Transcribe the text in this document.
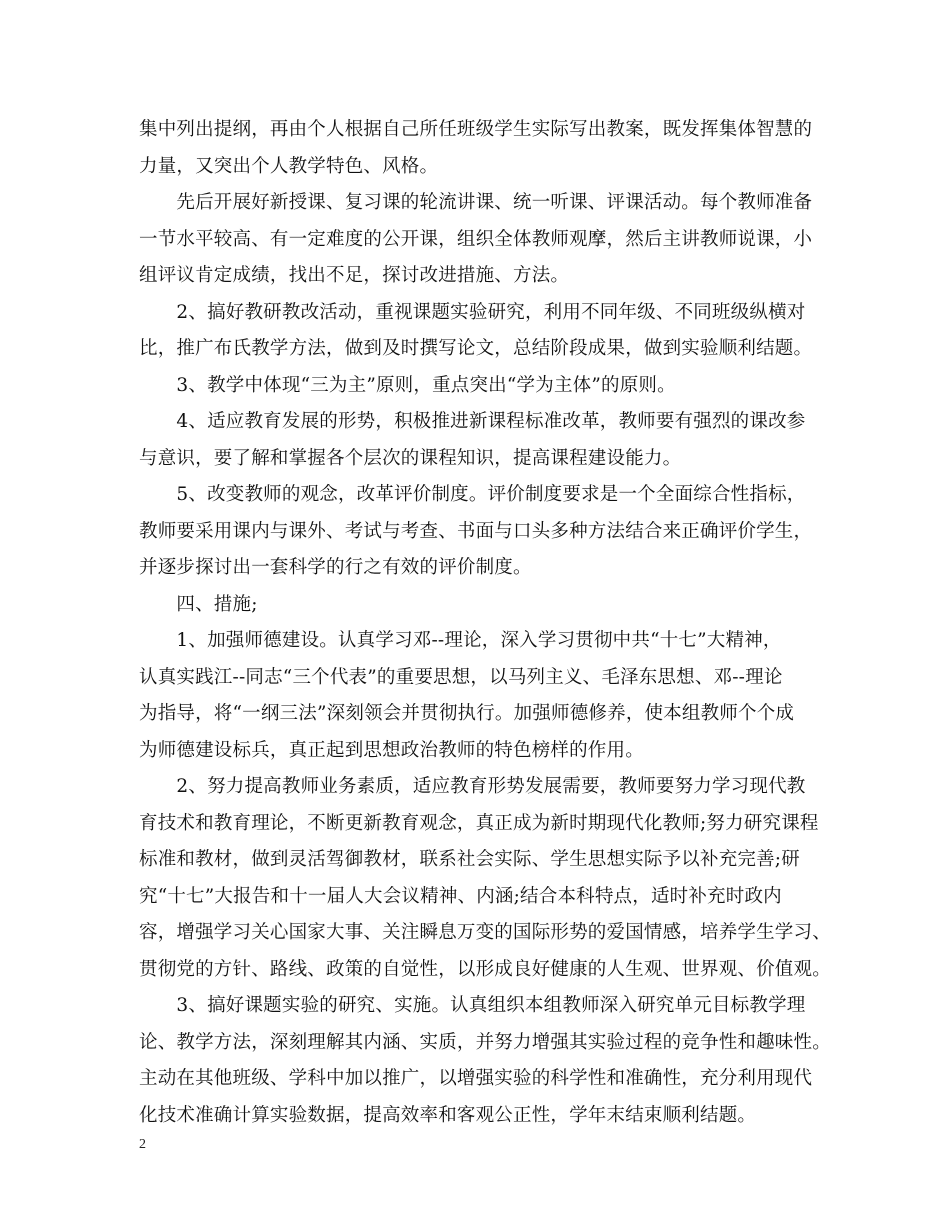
集中列出提纲，再由个人根据自己所任班级学生实际写出教案，既发挥集体智慧的
力量，又突出个人教学特色、风格。
　　先后开展好新授课、复习课的轮流讲课、统一听课、评课活动。每个教师准备
一节水平较高、有一定难度的公开课，组织全体教师观摩，然后主讲教师说课，小
组评议肯定成绩，找出不足，探讨改进措施、方法。
　　2、搞好教研教改活动，重视课题实验研究，利用不同年级、不同班级纵横对
比，推广布氏教学方法，做到及时撰写论文，总结阶段成果，做到实验顺利结题。
　　3、教学中体现“三为主”原则，重点突出“学为主体”的原则。
　　4、适应教育发展的形势，积极推进新课程标准改革，教师要有强烈的课改参
与意识，要了解和掌握各个层次的课程知识，提高课程建设能力。
　　5、改变教师的观念，改革评价制度。评价制度要求是一个全面综合性指标，
教师要采用课内与课外、考试与考查、书面与口头多种方法结合来正确评价学生，
并逐步探讨出一套科学的行之有效的评价制度。
　　四、措施;
　　1、加强师德建设。认真学习邓--理论，深入学习贯彻中共“十七”大精神，
认真实践江--同志“三个代表”的重要思想，以马列主义、毛泽东思想、邓--理论
为指导，将“一纲三法”深刻领会并贯彻执行。加强师德修养，使本组教师个个成
为师德建设标兵，真正起到思想政治教师的特色榜样的作用。
　　2、努力提高教师业务素质，适应教育形势发展需要，教师要努力学习现代教
育技术和教育理论，不断更新教育观念，真正成为新时期现代化教师;努力研究课程
标准和教材，做到灵活驾御教材，联系社会实际、学生思想实际予以补充完善;研
究“十七”大报告和十一届人大会议精神、内涵;结合本科特点，适时补充时政内
容，增强学习关心国家大事、关注瞬息万变的国际形势的爱国情感，培养学生学习、
贯彻党的方针、路线、政策的自觉性，以形成良好健康的人生观、世界观、价值观。
　　3、搞好课题实验的研究、实施。认真组织本组教师深入研究单元目标教学理
论、教学方法，深刻理解其内涵、实质，并努力增强其实验过程的竞争性和趣味性。
主动在其他班级、学科中加以推广，以增强实验的科学性和准确性，充分利用现代
化技术准确计算实验数据，提高效率和客观公正性，学年末结束顺利结题。
2
